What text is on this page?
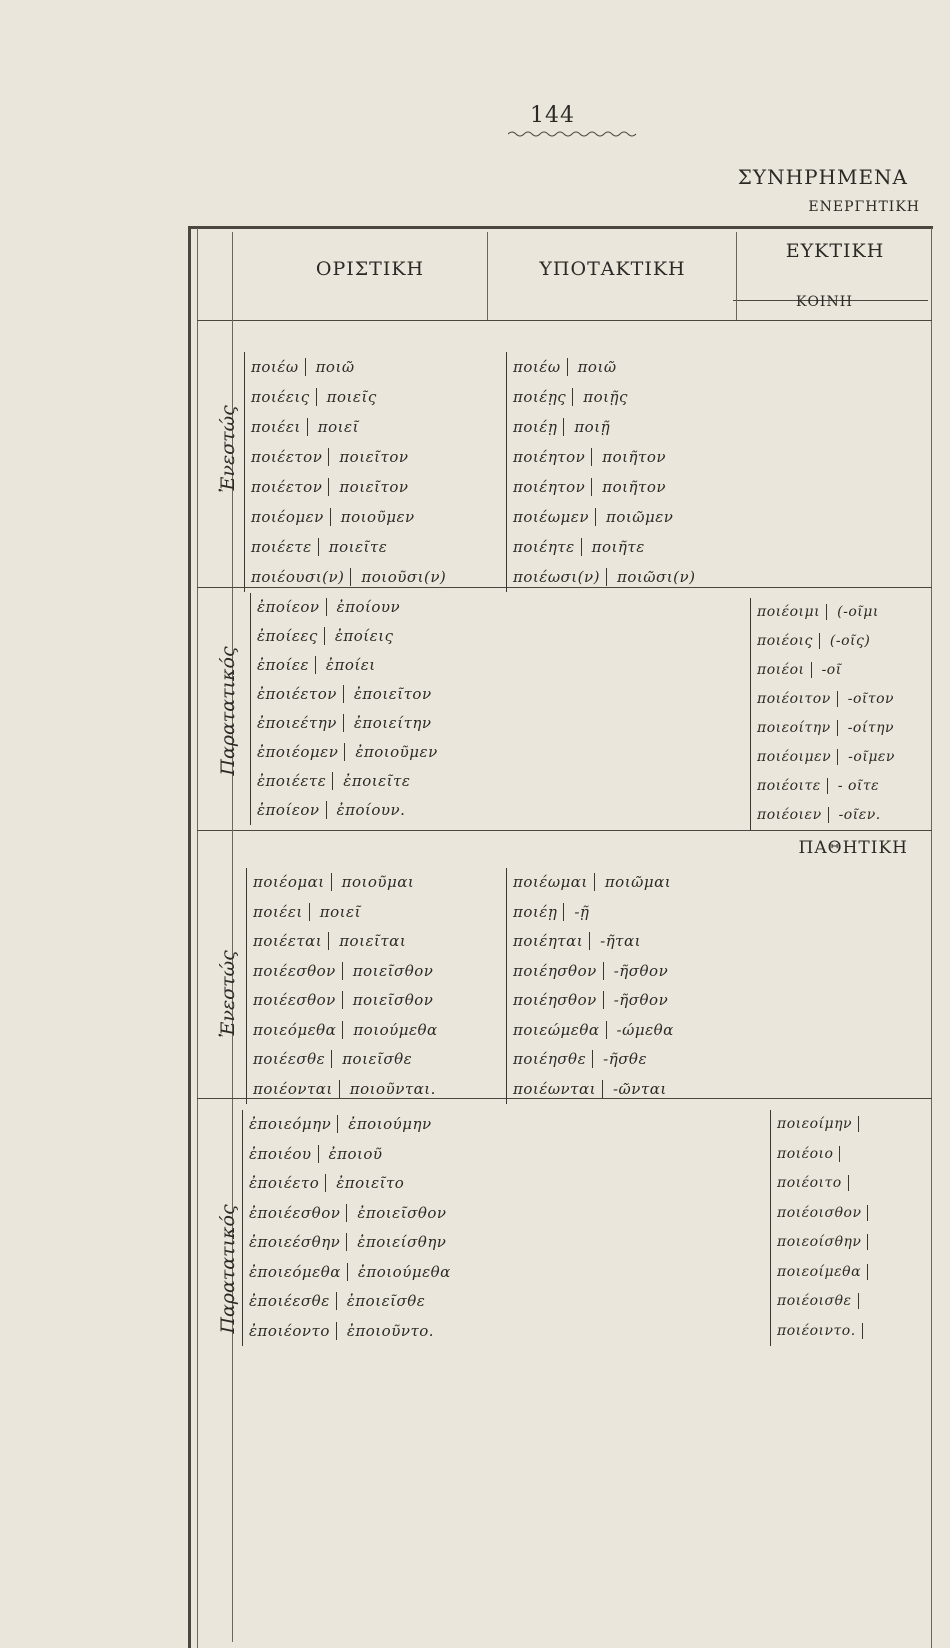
144
ΣΥΝΗΡΗΜΕΝΑ
ΕΝΕΡΓΗΤΙΚΗ
ΟΡΙΣΤΙΚΗ	ΥΠΟΤΑΚΤΙΚΗ
ΕΥΚΤΙΚΗ
ΚΟΙΝΗ
Ἐνεστώς
Παρατατικός
Ἐνεστώς
Παρατατικός
ΠΑΘΗΤΙΚΗ
ποιέω ποιῶ
ποιέεις ποιεῖς
ποιέει ποιεῖ
ποιέετον ποιεῖτον
ποιέετον ποιεῖτον
ποιέομεν ποιοῦμεν
ποιέετε ποιεῖτε
ποιέουσι(ν) ποιοῦσι(ν)
ποιέω ποιῶ
ποιέῃς ποιῇς
ποιέῃ ποιῇ
ποιέητον ποιῆτον
ποιέητον ποιῆτον
ποιέωμεν ποιῶμεν
ποιέητε ποιῆτε
ποιέωσι(ν) ποιῶσι(ν)
ἐποίεον ἐποίουν
ἐποίεες ἐποίεις
ἐποίεε ἐποίει
ἐποιέετον ἐποιεῖτον
ἐποιεέτην ἐποιείτην
ἐποιέομεν ἐποιοῦμεν
ἐποιέετε ἐποιεῖτε
ἐποίεον ἐποίουν.
ποιέοιμι (-οῖμι
ποιέοις (-οῖς)
ποιέοι -οῖ
ποιέοιτον -οῖτον
ποιεοίτην -οίτην
ποιέοιμεν -οῖμεν
ποιέοιτε - οῖτε
ποιέοιεν -οῖεν.
ποιέομαι ποιοῦμαι
ποιέει ποιεῖ
ποιέεται ποιεῖται
ποιέεσθον ποιεῖσθον
ποιέεσθον ποιεῖσθον
ποιεόμεθα ποιούμεθα
ποιέεσθε ποιεῖσθε
ποιέονται ποιοῦνται.
ποιέωμαι ποιῶμαι
ποιέῃ -ῇ
ποιέηται -ῆται
ποιέησθον -ῆσθον
ποιέησθον -ῆσθον
ποιεώμεθα -ώμεθα
ποιέησθε -ῆσθε
ποιέωνται -ῶνται
ἐποιεόμην ἐποιούμην
ἐποιέου ἐποιοῦ
ἐποιέετο ἐποιεῖτο
ἐποιέεσθον ἐποιεῖσθον
ἐποιεέσθην ἐποιείσθην
ἐποιεόμεθα ἐποιούμεθα
ἐποιέεσθε ἐποιεῖσθε
ἐποιέοντο ἐποιοῦντο.
ποιεοίμην
ποιέοιο
ποιέοιτο
ποιέοισθον
ποιεοίσθην
ποιεοίμεθα
ποιέοισθε
ποιέοιντο.
